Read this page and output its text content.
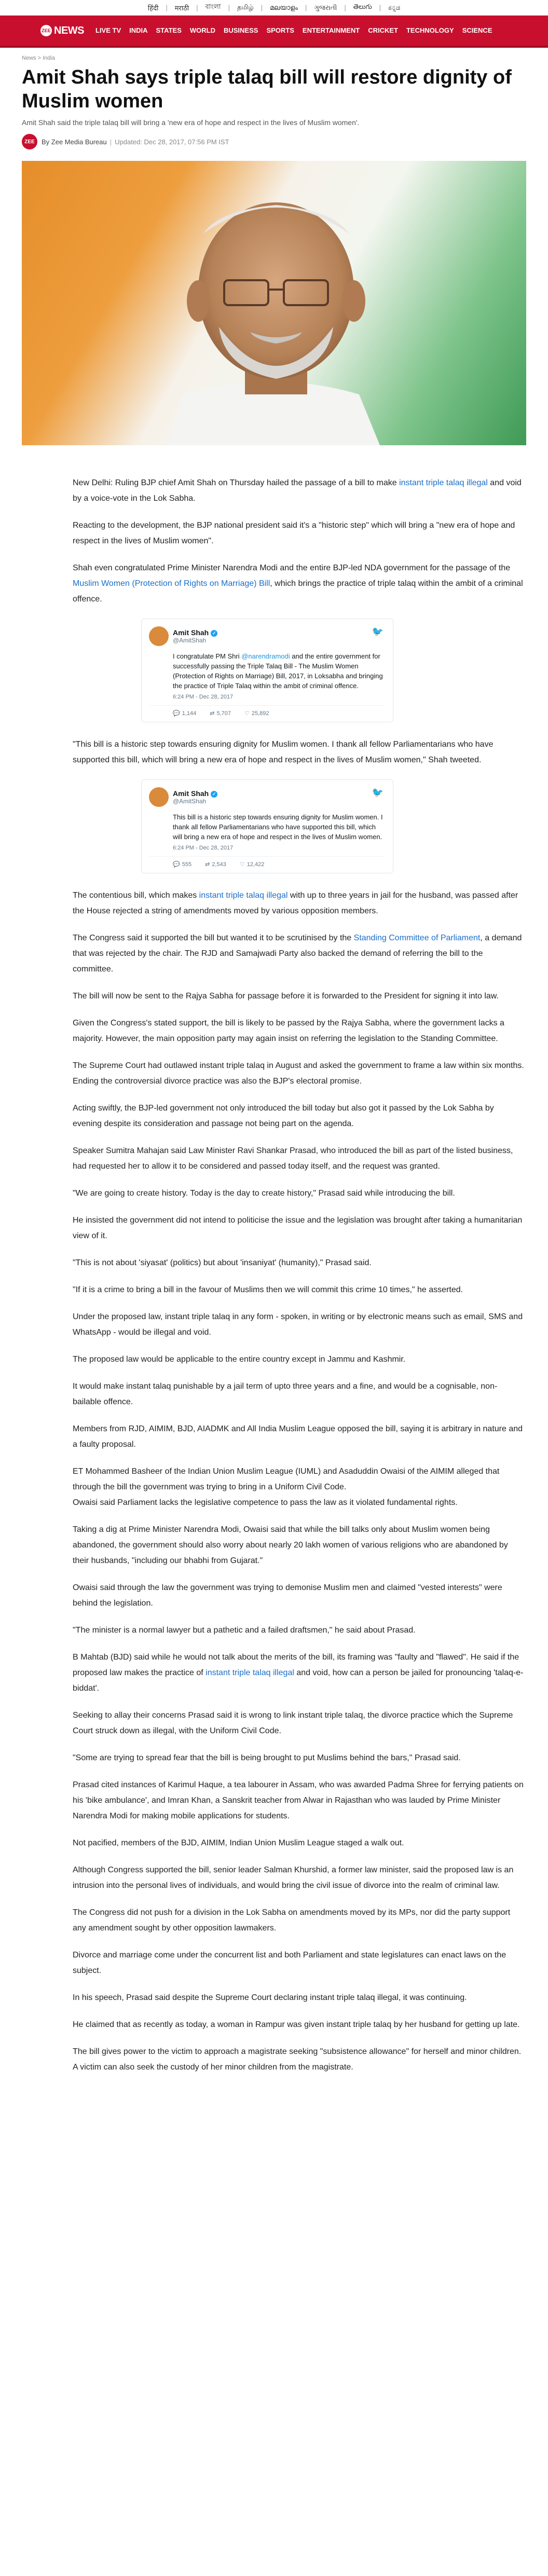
हिंदी | मराठी | বাংলা | தமிழ் | മലയാളം | ગુજરાતી | తెలుగు | ಕನ್ನಡ
ZEE NEWS	LIVE TV	INDIA	STATES	WORLD	BUSINESS	SPORTS	ENTERTAINMENT	CRICKET	TECHNOLOGY	SCIENCE
News > India
Amit Shah says triple talaq bill will restore dignity of Muslim women
Amit Shah said the triple talaq bill will bring a 'new era of hope and respect in the lives of Muslim women'.
ZEE	By Zee Media Bureau | Updated: Dec 28, 2017, 07:56 PM IST

New Delhi: Ruling BJP chief Amit Shah on Thursday hailed the passage of a bill to make instant triple talaq illegal and void by a voice-vote in the Lok Sabha.

Reacting to the development, the BJP national president said it's a "historic step" which will bring a "new era of hope and respect in the lives of Muslim women".

Shah even congratulated Prime Minister Narendra Modi and the entire BJP-led NDA government for the passage of the Muslim Women (Protection of Rights on Marriage) Bill, which brings the practice of triple talaq within the ambit of a criminal offence.

Amit Shah ✓
@AmitShah
🐦
I congratulate PM Shri @narendramodi and the entire government for successfully passing the Triple Talaq Bill - The Muslim Women (Protection of Rights on Marriage) Bill, 2017, in Loksabha and bringing the practice of Triple Talaq within the ambit of criminal offence.
6:24 PM - Dec 28, 2017
💬 1,144 ⇄ 5,707 ♡ 25,892

"This bill is a historic step towards ensuring dignity for Muslim women. I thank all fellow Parliamentarians who have supported this bill, which will bring a new era of hope and respect in the lives of Muslim women," Shah tweeted.

Amit Shah ✓
@AmitShah
🐦
This bill is a historic step towards ensuring dignity for Muslim women. I thank all fellow Parliamentarians who have supported this bill, which will bring a new era of hope and respect in the lives of Muslim women.
6:24 PM - Dec 28, 2017
💬 555 ⇄ 2,543 ♡ 12,422

The contentious bill, which makes instant triple talaq illegal with up to three years in jail for the husband, was passed after the House rejected a string of amendments moved by various opposition members.

The Congress said it supported the bill but wanted it to be scrutinised by the Standing Committee of Parliament, a demand that was rejected by the chair. The RJD and Samajwadi Party also backed the demand of referring the bill to the committee.

The bill will now be sent to the Rajya Sabha for passage before it is forwarded to the President for signing it into law.

Given the Congress's stated support, the bill is likely to be passed by the Rajya Sabha, where the government lacks a majority. However, the main opposition party may again insist on referring the legislation to the Standing Committee.

The Supreme Court had outlawed instant triple talaq in August and asked the government to frame a law within six months. Ending the controversial divorce practice was also the BJP's electoral promise.

Acting swiftly, the BJP-led government not only introduced the bill today but also got it passed by the Lok Sabha by evening despite its consideration and passage not being part on the agenda.

Speaker Sumitra Mahajan said Law Minister Ravi Shankar Prasad, who introduced the bill as part of the listed business, had requested her to allow it to be considered and passed today itself, and the request was granted.

"We are going to create history. Today is the day to create history," Prasad said while introducing the bill.

He insisted the government did not intend to politicise the issue and the legislation was brought after taking a humanitarian view of it.

"This is not about 'siyasat' (politics) but about 'insaniyat' (humanity)," Prasad said.

"If it is a crime to bring a bill in the favour of Muslims then we will commit this crime 10 times," he asserted.

Under the proposed law, instant triple talaq in any form - spoken, in writing or by electronic means such as email, SMS and WhatsApp - would be illegal and void.

The proposed law would be applicable to the entire country except in Jammu and Kashmir.

It would make instant talaq punishable by a jail term of upto three years and a fine, and would be a cognisable, non-bailable offence.

Members from RJD, AIMIM, BJD, AIADMK and All India Muslim League opposed the bill, saying it is arbitrary in nature and a faulty proposal.

ET Mohammed Basheer of the Indian Union Muslim League (IUML) and Asaduddin Owaisi of the AIMIM alleged that through the bill the government was trying to bring in a Uniform Civil Code.

Owaisi said Parliament lacks the legislative competence to pass the law as it violated fundamental rights.

Taking a dig at Prime Minister Narendra Modi, Owaisi said that while the bill talks only about Muslim women being abandoned, the government should also worry about nearly 20 lakh women of various religions who are abandoned by their husbands, "including our bhabhi from Gujarat."

Owaisi said through the law the government was trying to demonise Muslim men and claimed "vested interests" were behind the legislation.

"The minister is a normal lawyer but a pathetic and a failed draftsmen," he said about Prasad.

B Mahtab (BJD) said while he would not talk about the merits of the bill, its framing was "faulty and "flawed". He said if the proposed law makes the practice of instant triple talaq illegal and void, how can a person be jailed for pronouncing 'talaq-e-biddat'.

Seeking to allay their concerns Prasad said it is wrong to link instant triple talaq, the divorce practice which the Supreme Court struck down as illegal, with the Uniform Civil Code.

"Some are trying to spread fear that the bill is being brought to put Muslims behind the bars," Prasad said.

Prasad cited instances of Karimul Haque, a tea labourer in Assam, who was awarded Padma Shree for ferrying patients on his 'bike ambulance', and Imran Khan, a Sanskrit teacher from Alwar in Rajasthan who was lauded by Prime Minister Narendra Modi for making mobile applications for students.

Not pacified, members of the BJD, AIMIM, Indian Union Muslim League staged a walk out.

Although Congress supported the bill, senior leader Salman Khurshid, a former law minister, said the proposed law is an intrusion into the personal lives of individuals, and would bring the civil issue of divorce into the realm of criminal law.

The Congress did not push for a division in the Lok Sabha on amendments moved by its MPs, nor did the party support any amendment sought by other opposition lawmakers.

Divorce and marriage come under the concurrent list and both Parliament and state legislatures can enact laws on the subject.

In his speech, Prasad said despite the Supreme Court declaring instant triple talaq illegal, it was continuing.

He claimed that as recently as today, a woman in Rampur was given instant triple talaq by her husband for getting up late.

The bill gives power to the victim to approach a magistrate seeking "subsistence allowance" for herself and minor children. A victim can also seek the custody of her minor children from the magistrate.
